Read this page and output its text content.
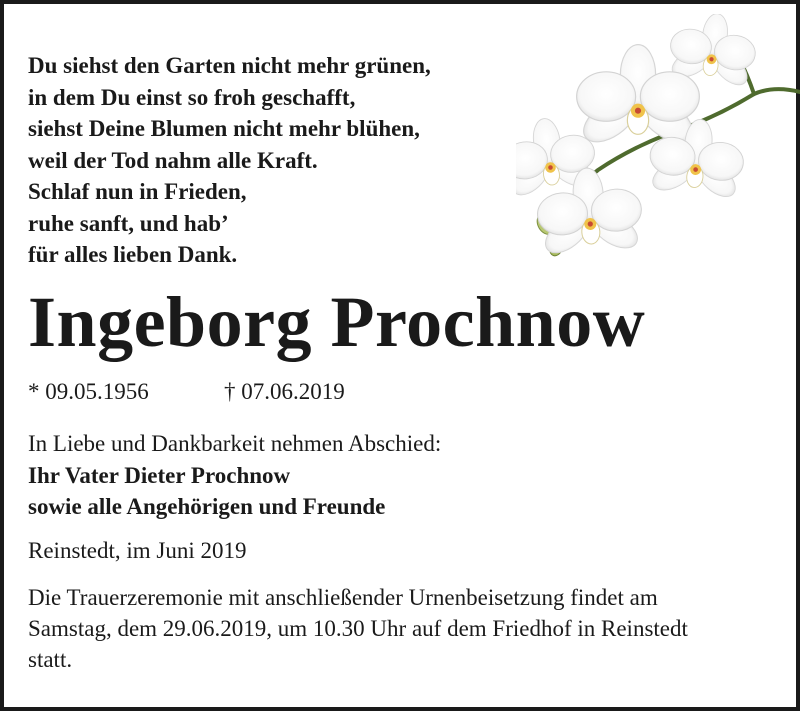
Du siehst den Garten nicht mehr grünen,
in dem Du einst so froh geschafft,
siehst Deine Blumen nicht mehr blühen,
weil der Tod nahm alle Kraft.
Schlaf nun in Frieden,
ruhe sanft, und hab’
für alles lieben Dank.
Ingeborg Prochnow
* 09.05.1956	† 07.06.2019
In Liebe und Dankbarkeit nehmen Abschied:
Ihr Vater Dieter Prochnow
sowie alle Angehörigen und Freunde
Reinstedt, im Juni 2019
Die Trauerzeremonie mit anschließender Urnenbeisetzung findet am
Samstag, dem 29.06.2019, um 10.30 Uhr auf dem Friedhof in Reinstedt
statt.
